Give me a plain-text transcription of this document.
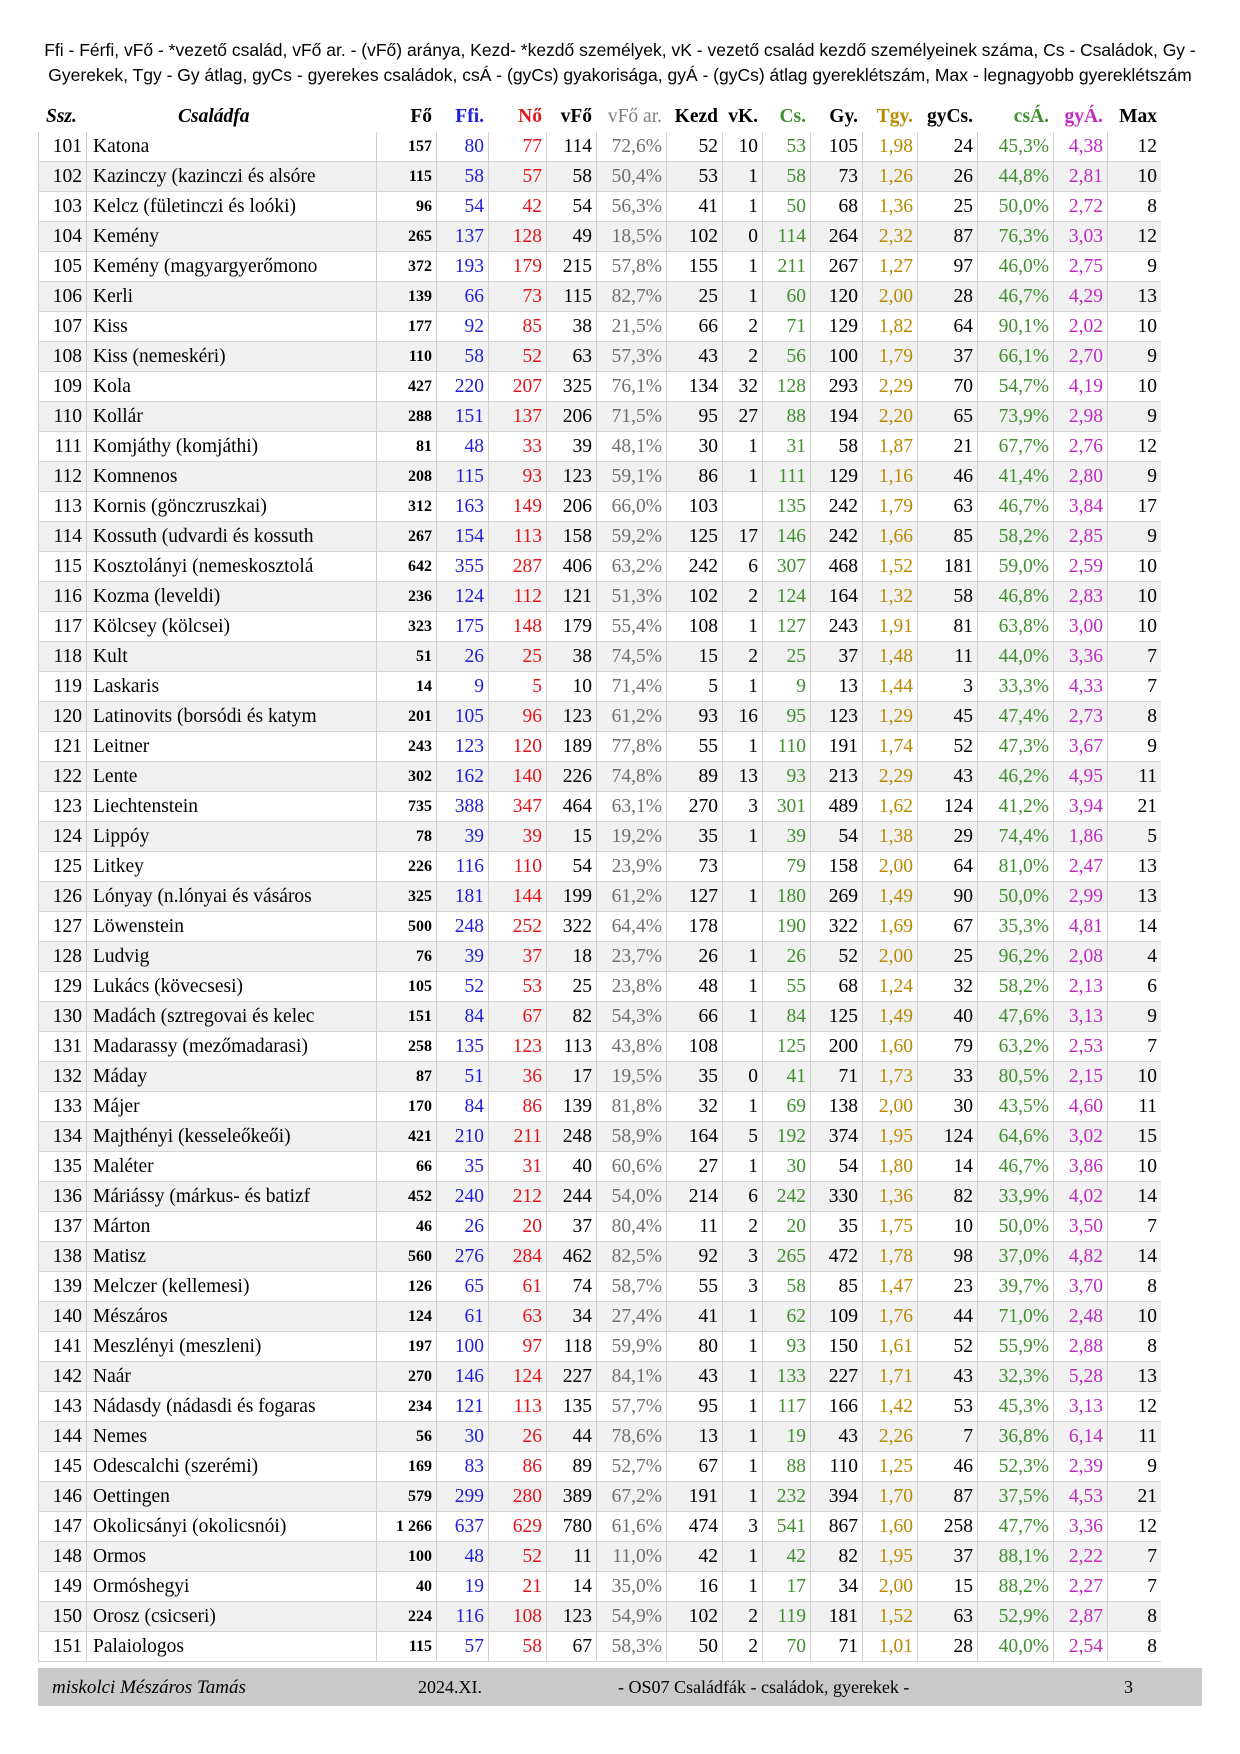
Ffi - Férfi, vFő - *vezető család, vFő ar. - (vFő) aránya, Kezd- *kezdő személyek, vK - vezető család kezdő személyeinek száma, Cs - Családok, Gy -
Gyerekek, Tgy - Gy átlag, gyCs - gyerekes családok, csÁ - (gyCs) gyakorisága, gyÁ - (gyCs) átlag gyereklétszám, Max - legnagyobb gyereklétszám
Ssz.	Családfa	Fő	Ffi.	Nő	vFő	vFő ar.	Kezd	vK.	Cs.	Gy.	Tgy.	gyCs.	csÁ.	gyÁ.	Max
101	Katona	157	80	77	114	72,6%	52	10	53	105	1,98	24	45,3%	4,38	12
102	Kazinczy (kazinczi és alsóre	115	58	57	58	50,4%	53	1	58	73	1,26	26	44,8%	2,81	10
103	Kelcz (fületinczi és loóki)	96	54	42	54	56,3%	41	1	50	68	1,36	25	50,0%	2,72	8
104	Kemény	265	137	128	49	18,5%	102	0	114	264	2,32	87	76,3%	3,03	12
105	Kemény (magyargyerőmono	372	193	179	215	57,8%	155	1	211	267	1,27	97	46,0%	2,75	9
106	Kerli	139	66	73	115	82,7%	25	1	60	120	2,00	28	46,7%	4,29	13
107	Kiss	177	92	85	38	21,5%	66	2	71	129	1,82	64	90,1%	2,02	10
108	Kiss (nemeskéri)	110	58	52	63	57,3%	43	2	56	100	1,79	37	66,1%	2,70	9
109	Kola	427	220	207	325	76,1%	134	32	128	293	2,29	70	54,7%	4,19	10
110	Kollár	288	151	137	206	71,5%	95	27	88	194	2,20	65	73,9%	2,98	9
111	Komjáthy (komjáthi)	81	48	33	39	48,1%	30	1	31	58	1,87	21	67,7%	2,76	12
112	Komnenos	208	115	93	123	59,1%	86	1	111	129	1,16	46	41,4%	2,80	9
113	Kornis (gönczruszkai)	312	163	149	206	66,0%	103		135	242	1,79	63	46,7%	3,84	17
114	Kossuth (udvardi és kossuth	267	154	113	158	59,2%	125	17	146	242	1,66	85	58,2%	2,85	9
115	Kosztolányi (nemeskosztolá	642	355	287	406	63,2%	242	6	307	468	1,52	181	59,0%	2,59	10
116	Kozma (leveldi)	236	124	112	121	51,3%	102	2	124	164	1,32	58	46,8%	2,83	10
117	Kölcsey (kölcsei)	323	175	148	179	55,4%	108	1	127	243	1,91	81	63,8%	3,00	10
118	Kult	51	26	25	38	74,5%	15	2	25	37	1,48	11	44,0%	3,36	7
119	Laskaris	14	9	5	10	71,4%	5	1	9	13	1,44	3	33,3%	4,33	7
120	Latinovits (borsódi és katym	201	105	96	123	61,2%	93	16	95	123	1,29	45	47,4%	2,73	8
121	Leitner	243	123	120	189	77,8%	55	1	110	191	1,74	52	47,3%	3,67	9
122	Lente	302	162	140	226	74,8%	89	13	93	213	2,29	43	46,2%	4,95	11
123	Liechtenstein	735	388	347	464	63,1%	270	3	301	489	1,62	124	41,2%	3,94	21
124	Lippóy	78	39	39	15	19,2%	35	1	39	54	1,38	29	74,4%	1,86	5
125	Litkey	226	116	110	54	23,9%	73		79	158	2,00	64	81,0%	2,47	13
126	Lónyay (n.lónyai és vásáros	325	181	144	199	61,2%	127	1	180	269	1,49	90	50,0%	2,99	13
127	Löwenstein	500	248	252	322	64,4%	178		190	322	1,69	67	35,3%	4,81	14
128	Ludvig	76	39	37	18	23,7%	26	1	26	52	2,00	25	96,2%	2,08	4
129	Lukács (kövecsesi)	105	52	53	25	23,8%	48	1	55	68	1,24	32	58,2%	2,13	6
130	Madách (sztregovai és kelec	151	84	67	82	54,3%	66	1	84	125	1,49	40	47,6%	3,13	9
131	Madarassy (mezőmadarasi)	258	135	123	113	43,8%	108		125	200	1,60	79	63,2%	2,53	7
132	Máday	87	51	36	17	19,5%	35	0	41	71	1,73	33	80,5%	2,15	10
133	Májer	170	84	86	139	81,8%	32	1	69	138	2,00	30	43,5%	4,60	11
134	Majthényi (kesseleőkeői)	421	210	211	248	58,9%	164	5	192	374	1,95	124	64,6%	3,02	15
135	Maléter	66	35	31	40	60,6%	27	1	30	54	1,80	14	46,7%	3,86	10
136	Máriássy (márkus- és batizf	452	240	212	244	54,0%	214	6	242	330	1,36	82	33,9%	4,02	14
137	Márton	46	26	20	37	80,4%	11	2	20	35	1,75	10	50,0%	3,50	7
138	Matisz	560	276	284	462	82,5%	92	3	265	472	1,78	98	37,0%	4,82	14
139	Melczer (kellemesi)	126	65	61	74	58,7%	55	3	58	85	1,47	23	39,7%	3,70	8
140	Mészáros	124	61	63	34	27,4%	41	1	62	109	1,76	44	71,0%	2,48	10
141	Meszlényi (meszleni)	197	100	97	118	59,9%	80	1	93	150	1,61	52	55,9%	2,88	8
142	Naár	270	146	124	227	84,1%	43	1	133	227	1,71	43	32,3%	5,28	13
143	Nádasdy (nádasdi és fogaras	234	121	113	135	57,7%	95	1	117	166	1,42	53	45,3%	3,13	12
144	Nemes	56	30	26	44	78,6%	13	1	19	43	2,26	7	36,8%	6,14	11
145	Odescalchi (szerémi)	169	83	86	89	52,7%	67	1	88	110	1,25	46	52,3%	2,39	9
146	Oettingen	579	299	280	389	67,2%	191	1	232	394	1,70	87	37,5%	4,53	21
147	Okolicsányi (okolicsnói)	1 266	637	629	780	61,6%	474	3	541	867	1,60	258	47,7%	3,36	12
148	Ormos	100	48	52	11	11,0%	42	1	42	82	1,95	37	88,1%	2,22	7
149	Ormóshegyi	40	19	21	14	35,0%	16	1	17	34	2,00	15	88,2%	2,27	7
150	Orosz (csicseri)	224	116	108	123	54,9%	102	2	119	181	1,52	63	52,9%	2,87	8
151	Palaiologos	115	57	58	67	58,3%	50	2	70	71	1,01	28	40,0%	2,54	8
miskolci Mészáros Tamás	2024.XI.	- OS07 Családfák - családok, gyerekek -	3
